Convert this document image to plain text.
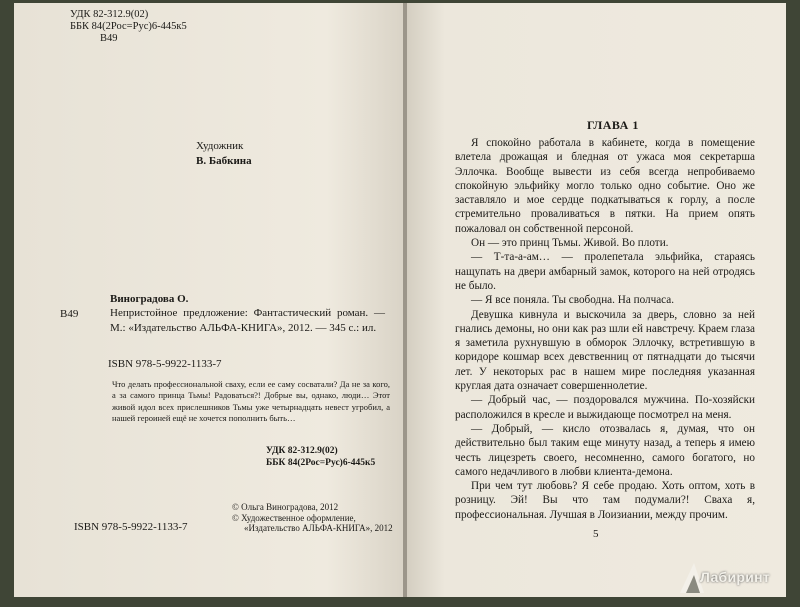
УДК 82-312.9(02)
ББК 84(2Рос=Рус)6-445к5
В49
Художник
В. Бабкина
Виноградова О.
В49	Непристойное предложение: Фантастический роман. — М.: «Издательство АЛЬФА-КНИГА», 2012. — 345 с.: ил.
ISBN 978-5-9922-1133-7
Что делать профессиональной сваху, если ее саму сосватали? Да не за кого, а за самого принца Тьмы! Радоваться?! Добрые вы, однако, люди… Этот живой идол всех прислешников Тьмы уже четырнадцать невест угробил, а нашей героиней ещё не хочется пополнить быть…
УДК 82-312.9(02)
ББК 84(2Рос=Рус)6-445к5
© Ольга Виноградова, 2012
© Художественное оформление,
«Издательство АЛЬФА-КНИГА», 2012
ISBN 978-5-9922-1133-7
ГЛАВА 1

Я спокойно работала в кабинете, когда в помещение влетела дрожащая и бледная от ужаса моя секретарша Эллочка. Вообще вывести из себя всегда непробиваемо спокойную эльфийку могло только одно событие. Оно же заставляло и мое сердце подкатываться к горлу, а после стремительно проваливаться в пятки. На прием опять пожаловал он собственной персоной.

Он — это принц Тьмы. Живой. Во плоти.

— Т-та-а-ам… — пролепетала эльфийка, стараясь нащупать на двери амбарный замок, которого на ней отродясь не было.

— Я все поняла. Ты свободна. На полчаса.

Девушка кивнула и выскочила за дверь, словно за ней гнались демоны, но они как раз шли ей навстречу. Краем глаза я заметила рухнувшую в обморок Эллочку, встретившую в коридоре кошмар всех девственниц от пятнадцати до тысячи лет. У некоторых рас в нашем мире последняя указанная круглая дата означает совершеннолетие.

— Добрый час, — поздоровался мужчина. По-хозяйски расположился в кресле и выжидающе посмотрел на меня.

— Добрый, — кисло отозвалась я, думая, что он действительно был таким еще минуту назад, а теперь я имею честь лицезреть своего, несомненно, самого богатого, но самого недачливого в любви клиента-демона.

При чем тут любовь? Я себе продаю. Хоть оптом, хоть в розницу. Эй! Вы что там подумали?! Сваха я, профессиональная. Лучшая в Лоизиании, между прочим.

5
Лабиринт
